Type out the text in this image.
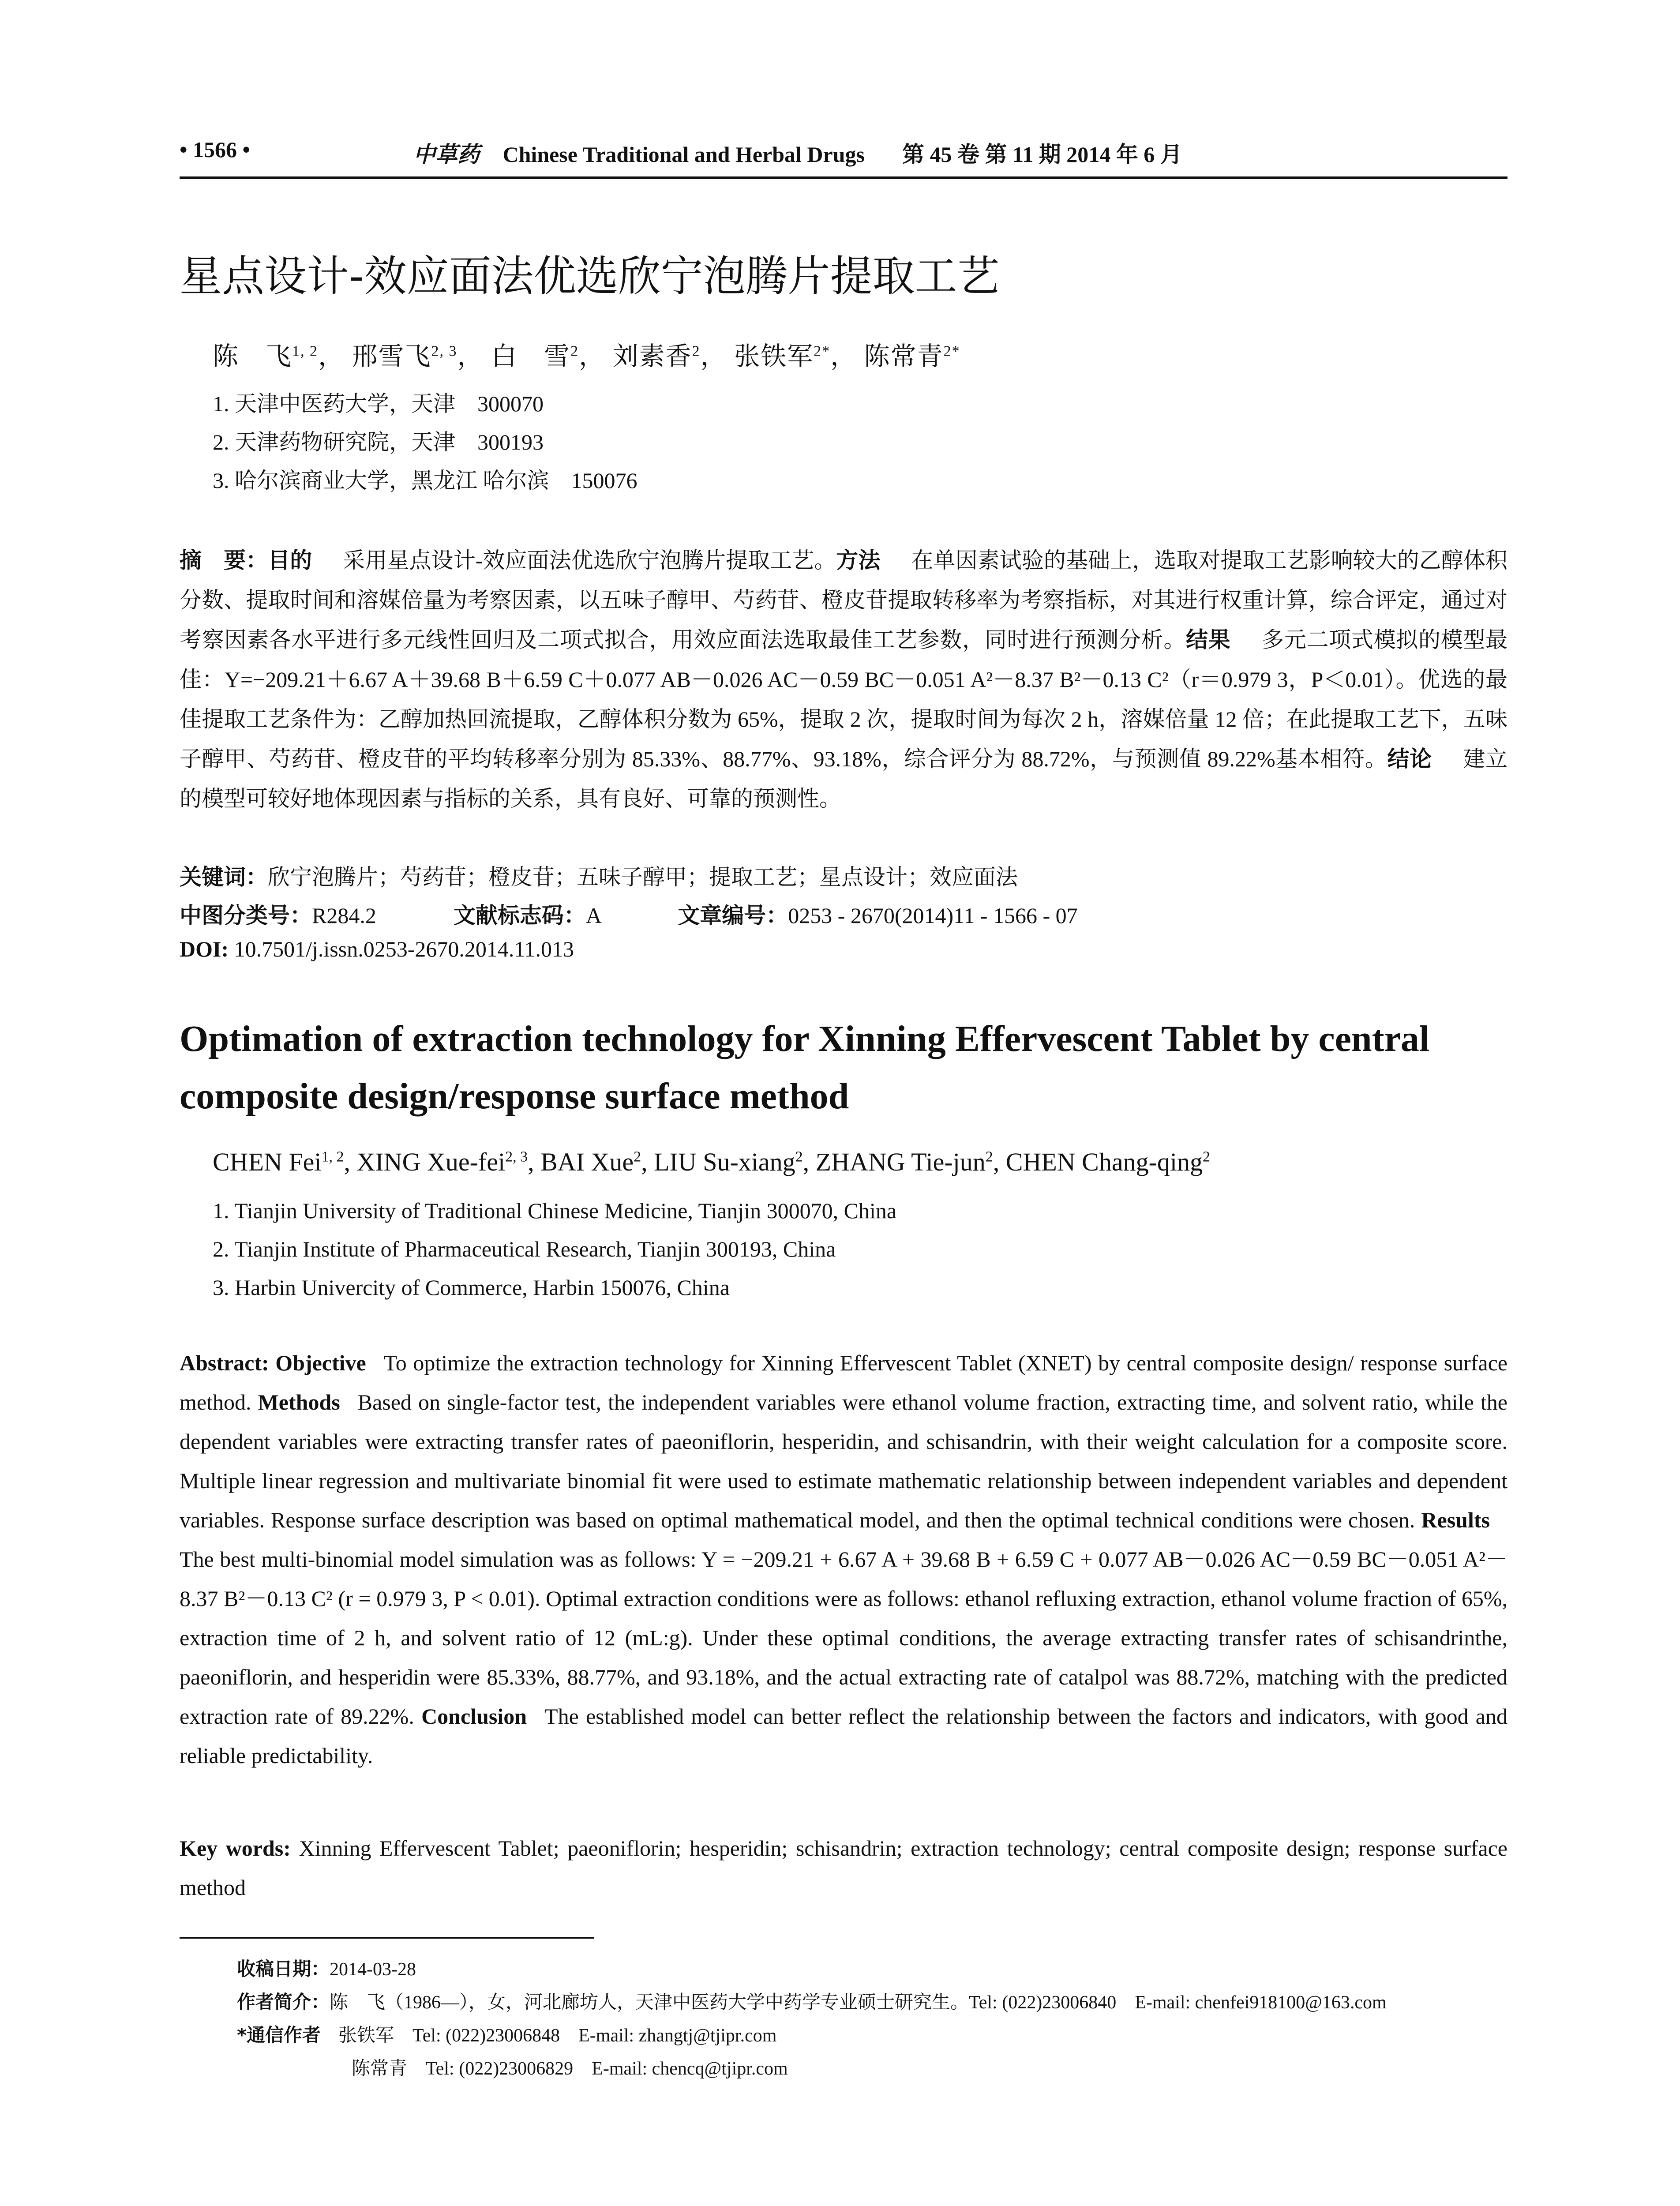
• 1566 •	中草药 Chinese Traditional and Herbal Drugs 第 45 卷 第 11 期 2014 年 6 月
星点设计-效应面法优选欣宁泡腾片提取工艺
陈　飞$^{1, 2}$， 邢雪飞$^{2, 3}$， 白　雪$^2$， 刘素香$^2$， 张铁军$^{2*}$， 陈常青$^{2*}$
1. 天津中医药大学，天津　300070
2. 天津药物研究院，天津　300193
3. 哈尔滨商业大学，黑龙江 哈尔滨　150076
摘　要：目的 采用星点设计-效应面法优选欣宁泡腾片提取工艺。方法 在单因素试验的基础上，选取对提取工艺影响较大的乙醇体积分数、提取时间和溶媒倍量为考察因素，以五味子醇甲、芍药苷、橙皮苷提取转移率为考察指标，对其进行权重计算，综合评定，通过对考察因素各水平进行多元线性回归及二项式拟合，用效应面法选取最佳工艺参数，同时进行预测分析。结果 多元二项式模拟的模型最佳：Y=−209.21＋6.67 A＋39.68 B＋6.59 C＋0.077 AB－0.026 AC－0.59 BC－0.051 A²－8.37 B²－0.13 C²（r＝0.979 3，P＜0.01）。优选的最佳提取工艺条件为：乙醇加热回流提取，乙醇体积分数为 65%，提取 2 次，提取时间为每次 2 h，溶媒倍量 12 倍；在此提取工艺下，五味子醇甲、芍药苷、橙皮苷的平均转移率分别为 85.33%、88.77%、93.18%，综合评分为 88.72%，与预测值 89.22%基本相符。结论 建立的模型可较好地体现因素与指标的关系，具有良好、可靠的预测性。
关键词：欣宁泡腾片；芍药苷；橙皮苷；五味子醇甲；提取工艺；星点设计；效应面法
中图分类号：R284.2	文献标志码：A	文章编号：0253 - 2670(2014)11 - 1566 - 07
DOI: 10.7501/j.issn.0253-2670.2014.11.013
Optimation of extraction technology for Xinning Effervescent Tablet by central composite design/response surface method
CHEN Fei$^{1, 2}$, XING Xue-fei$^{2, 3}$, BAI Xue$^2$, LIU Su-xiang$^2$, ZHANG Tie-jun$^2$, CHEN Chang-qing$^2$
1. Tianjin University of Traditional Chinese Medicine, Tianjin 300070, China
2. Tianjin Institute of Pharmaceutical Research, Tianjin 300193, China
3. Harbin Univercity of Commerce, Harbin 150076, China
Abstract: Objective To optimize the extraction technology for Xinning Effervescent Tablet (XNET) by central composite design/ response surface method. Methods Based on single-factor test, the independent variables were ethanol volume fraction, extracting time, and solvent ratio, while the dependent variables were extracting transfer rates of paeoniflorin, hesperidin, and schisandrin, with their weight calculation for a composite score. Multiple linear regression and multivariate binomial fit were used to estimate mathematic relationship between independent variables and dependent variables. Response surface description was based on optimal mathematical model, and then the optimal technical conditions were chosen. ResultsThe best multi-binomial model simulation was as follows: Y = −209.21 + 6.67 A + 39.68 B + 6.59 C + 0.077 AB－0.026 AC－0.59 BC－0.051 A²－8.37 B²－0.13 C² (r = 0.979 3, P < 0.01). Optimal extraction conditions were as follows: ethanol refluxing extraction, ethanol volume fraction of 65%, extraction time of 2 h, and solvent ratio of 12 (mL:g). Under these optimal conditions, the average extracting transfer rates of schisandrinthe, paeoniflorin, and hesperidin were 85.33%, 88.77%, and 93.18%, and the actual extracting rate of catalpol was 88.72%, matching with the predicted extraction rate of 89.22%. Conclusion The established model can better reflect the relationship between the factors and indicators, with good and reliable predictability.
Key words: Xinning Effervescent Tablet; paeoniflorin; hesperidin; schisandrin; extraction technology; central composite design; response surface method
收稿日期：2014-03-28
作者简介：陈　飞（1986—），女，河北廊坊人，天津中医药大学中药学专业硕士研究生。Tel: (022)23006840　E-mail: chenfei918100@163.com
*通信作者 张铁军　Tel: (022)23006848　E-mail: zhangtj@tjipr.com
陈常青　Tel: (022)23006829　E-mail: chencq@tjipr.com
